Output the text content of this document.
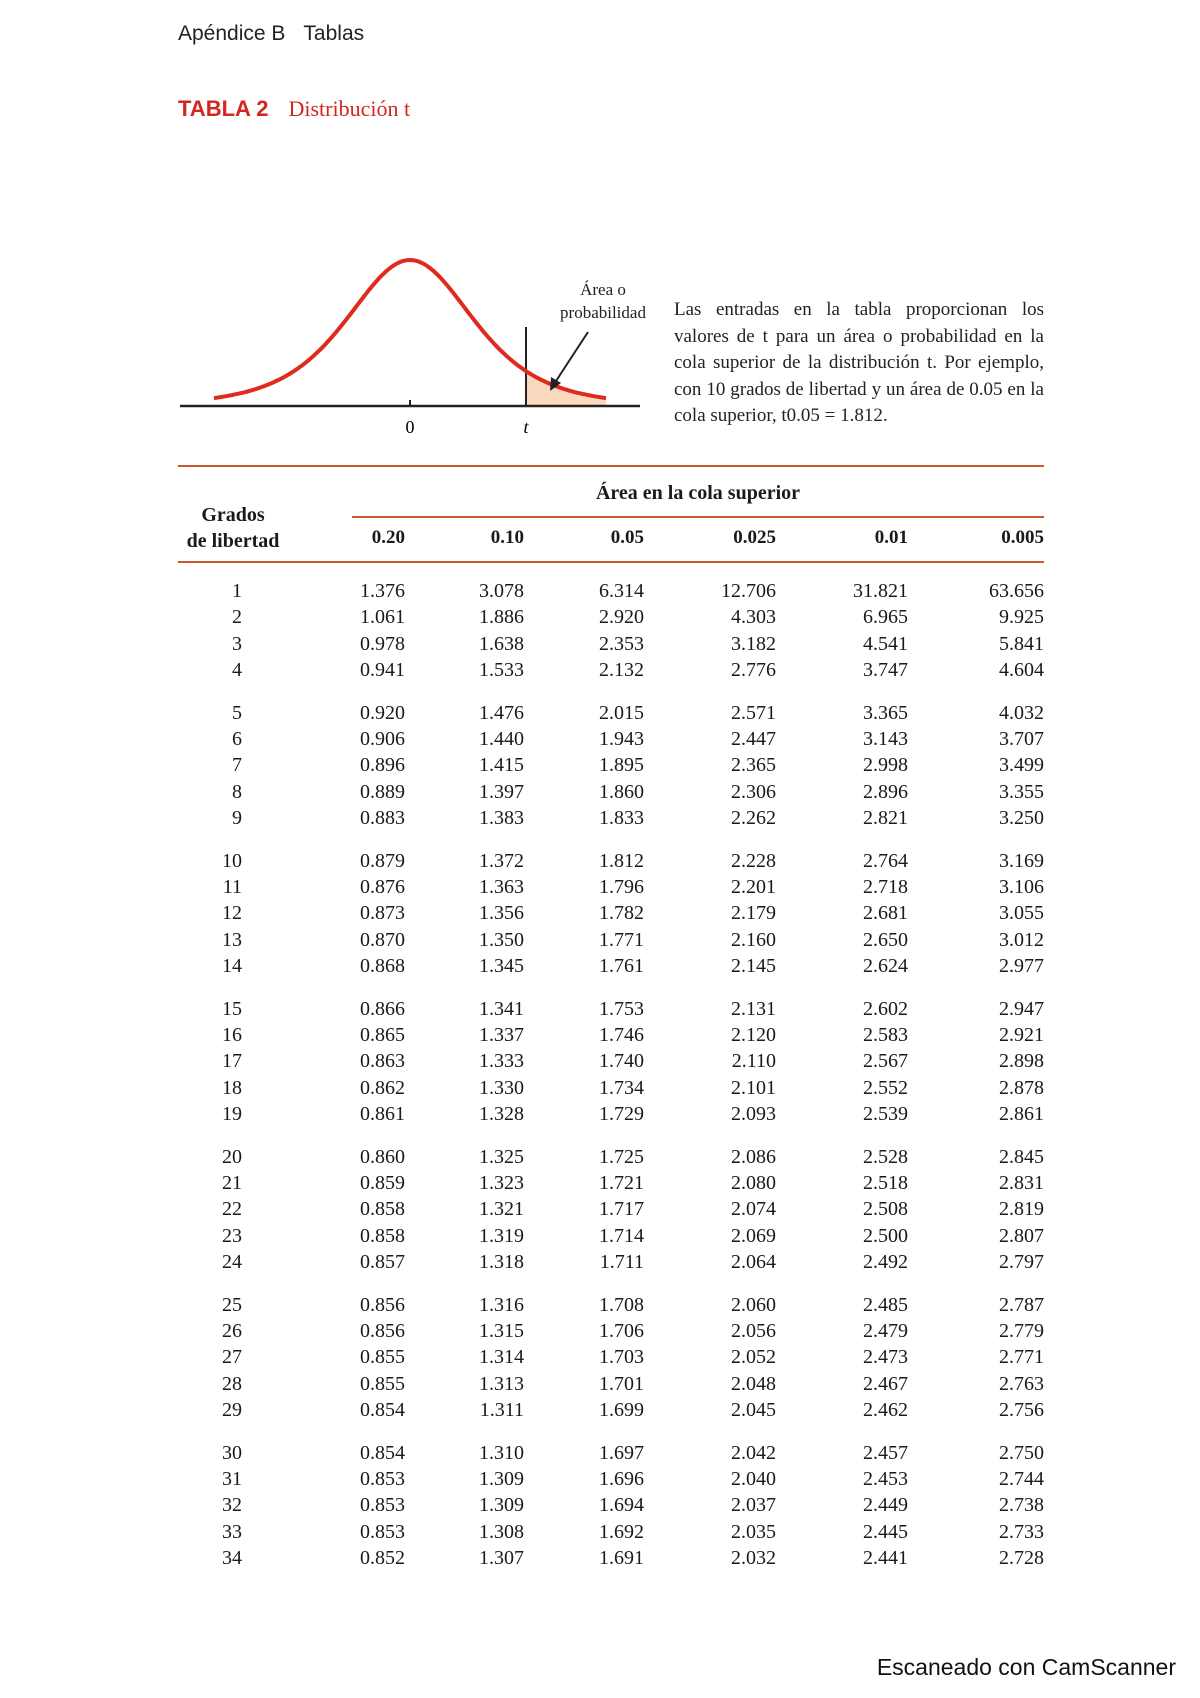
Apéndice B Tablas
TABLA 2 Distribución t
0	t
Área o
probabilidad	Las entradas en la tabla proporcionan los valores de t para un área o probabilidad en la cola superior de la distribución t. Por ejemplo, con 10 grados de libertad y un área de 0.05 en la cola superior, t0.05 = 1.812.
Área en la cola superior
Grados
de libertad	0.20	0.10	0.05	0.025	0.01	0.005
1	1.376	3.078	6.314	12.706	31.821	63.656
2	1.061	1.886	2.920	4.303	6.965	9.925
3	0.978	1.638	2.353	3.182	4.541	5.841
4	0.941	1.533	2.132	2.776	3.747	4.604
5	0.920	1.476	2.015	2.571	3.365	4.032
6	0.906	1.440	1.943	2.447	3.143	3.707
7	0.896	1.415	1.895	2.365	2.998	3.499
8	0.889	1.397	1.860	2.306	2.896	3.355
9	0.883	1.383	1.833	2.262	2.821	3.250
10	0.879	1.372	1.812	2.228	2.764	3.169
11	0.876	1.363	1.796	2.201	2.718	3.106
12	0.873	1.356	1.782	2.179	2.681	3.055
13	0.870	1.350	1.771	2.160	2.650	3.012
14	0.868	1.345	1.761	2.145	2.624	2.977
15	0.866	1.341	1.753	2.131	2.602	2.947
16	0.865	1.337	1.746	2.120	2.583	2.921
17	0.863	1.333	1.740	2.110	2.567	2.898
18	0.862	1.330	1.734	2.101	2.552	2.878
19	0.861	1.328	1.729	2.093	2.539	2.861
20	0.860	1.325	1.725	2.086	2.528	2.845
21	0.859	1.323	1.721	2.080	2.518	2.831
22	0.858	1.321	1.717	2.074	2.508	2.819
23	0.858	1.319	1.714	2.069	2.500	2.807
24	0.857	1.318	1.711	2.064	2.492	2.797
25	0.856	1.316	1.708	2.060	2.485	2.787
26	0.856	1.315	1.706	2.056	2.479	2.779
27	0.855	1.314	1.703	2.052	2.473	2.771
28	0.855	1.313	1.701	2.048	2.467	2.763
29	0.854	1.311	1.699	2.045	2.462	2.756
30	0.854	1.310	1.697	2.042	2.457	2.750
31	0.853	1.309	1.696	2.040	2.453	2.744
32	0.853	1.309	1.694	2.037	2.449	2.738
33	0.853	1.308	1.692	2.035	2.445	2.733
34	0.852	1.307	1.691	2.032	2.441	2.728
Escaneado con CamScanner
